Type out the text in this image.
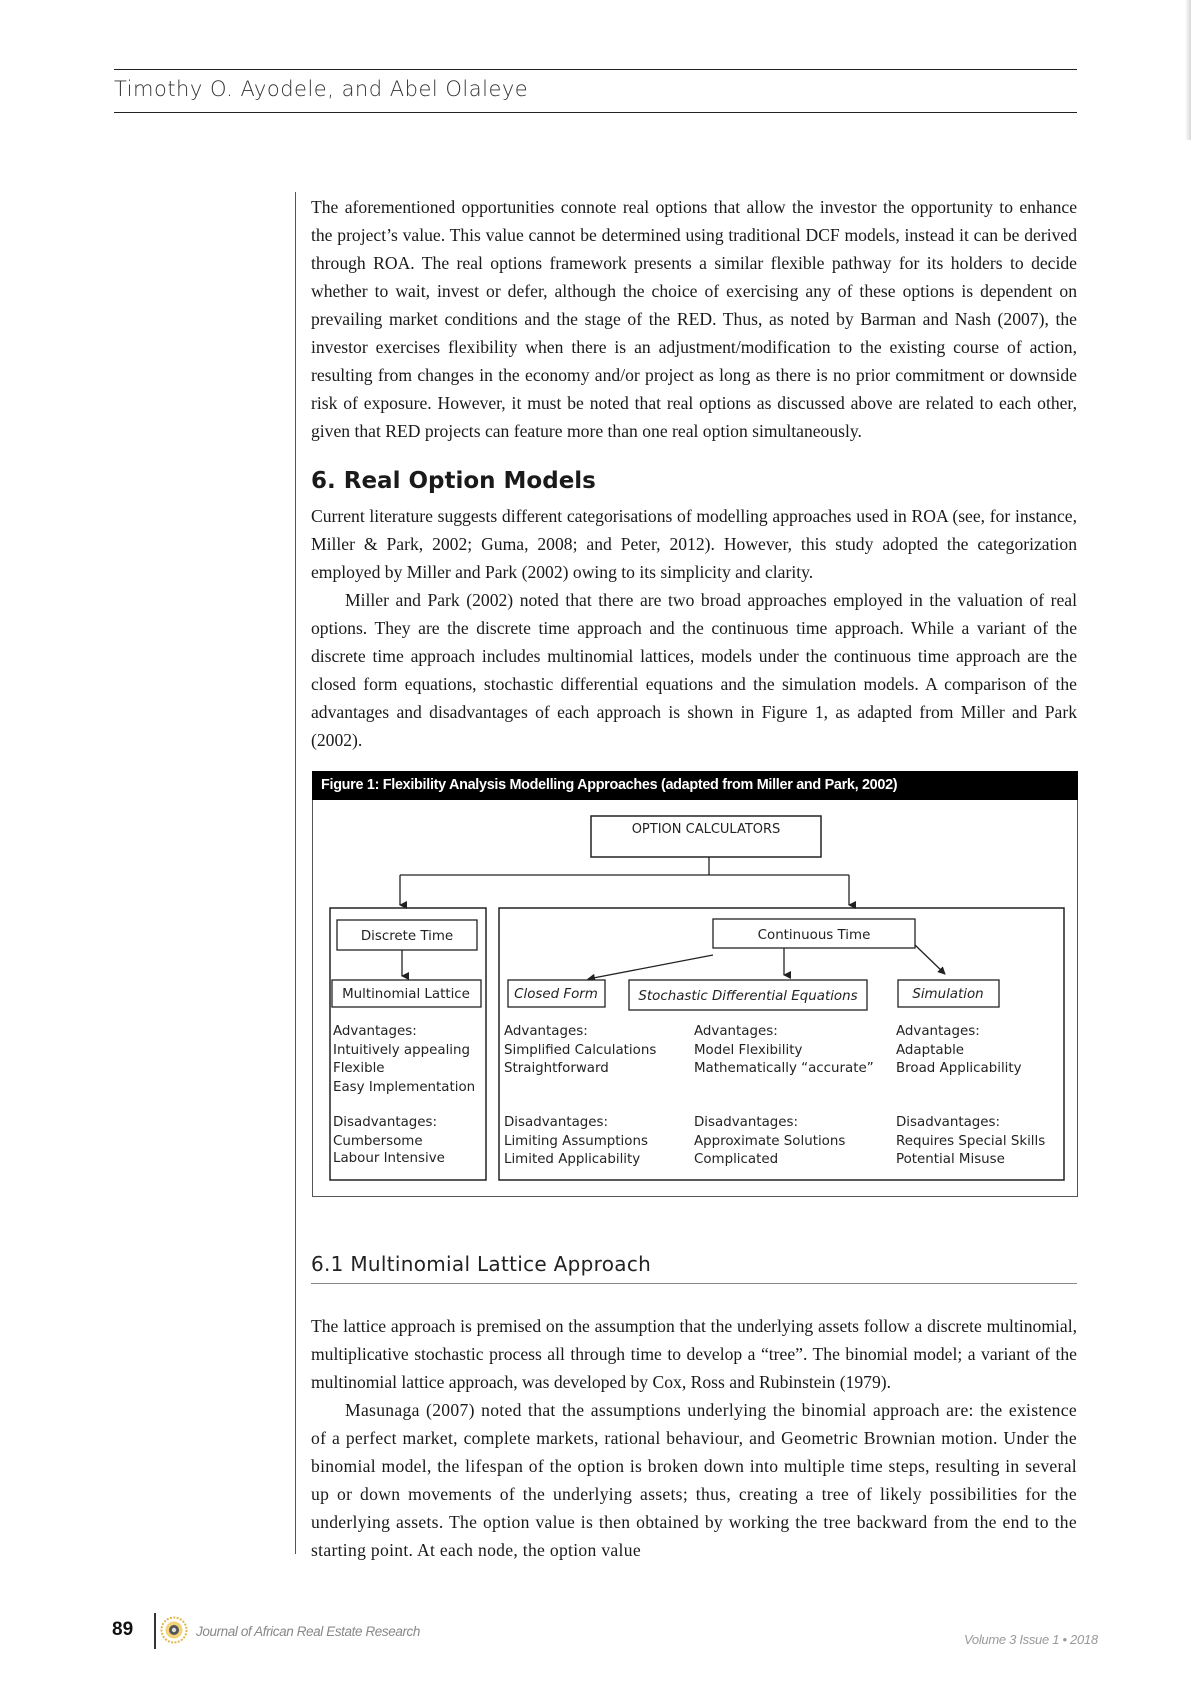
Timothy O. Ayodele, and Abel Olaleye

The aforementioned opportunities connote real options that allow the investor the opportunity to enhance the project’s value. This value cannot be determined using traditional DCF models, instead it can be derived through ROA. The real options framework presents a similar flexible pathway for its holders to decide whether to wait, invest or defer, although the choice of exercising any of these options is dependent on prevailing market conditions and the stage of the RED. Thus, as noted by Barman and Nash (2007), the investor exercises flexibility when there is an adjustment/modification to the existing course of action, resulting from changes in the economy and/or project as long as there is no prior commitment or downside risk of exposure. However, it must be noted that real options as discussed above are related to each other, given that RED projects can feature more than one real option simultaneously.

6. Real Option Models

Current literature suggests different categorisations of modelling approaches used in ROA (see, for instance, Miller & Park, 2002; Guma, 2008; and Peter, 2012). However, this study adopted the categorization employed by Miller and Park (2002) owing to its simplicity and clarity.

Miller and Park (2002) noted that there are two broad approaches employed in the valuation of real options. They are the discrete time approach and the continuous time approach. While a variant of the discrete time approach includes multinomial lattices, models under the continuous time approach are the closed form equations, stochastic differential equations and the simulation models. A comparison of the advantages and disadvantages of each approach is shown in Figure 1, as adapted from Miller and Park (2002).

Figure 1: Flexibility Analysis Modelling Approaches (adapted from Miller and Park, 2002)
OPTION CALCULATORS
Discrete Time
Multinomial Lattice
Continuous Time
Closed Form	Stochastic Differential Equations	Simulation
Advantages:
Intuitively appealing
Flexible
Easy Implementation
Disadvantages:
Cumbersome
Labour Intensive
Advantages:
Simplified Calculations
Straightforward
Disadvantages:
Limiting Assumptions
Limited Applicability
Advantages:
Model Flexibility
Mathematically “accurate”
Disadvantages:
Approximate Solutions
Complicated
Advantages:
Adaptable
Broad Applicability
Disadvantages:
Requires Special Skills
Potential Misuse
6.1 Multinomial Lattice Approach

The lattice approach is premised on the assumption that the underlying assets follow a discrete multinomial, multiplicative stochastic process all through time to develop a “tree”. The binomial model; a variant of the multinomial lattice approach, was developed by Cox, Ross and Rubinstein (1979).

Masunaga (2007) noted that the assumptions underlying the binomial approach are: the existence of a perfect market, complete markets, rational behaviour, and Geometric Brownian motion. Under the binomial model, the lifespan of the option is broken down into multiple time steps, resulting in several up or down movements of the underlying assets; thus, creating a tree of likely possibilities for the underlying assets. The option value is then obtained by working the tree backward from the end to the starting point. At each node, the option value

89	Journal of African Real Estate Research
Volume 3 Issue 1 • 2018
